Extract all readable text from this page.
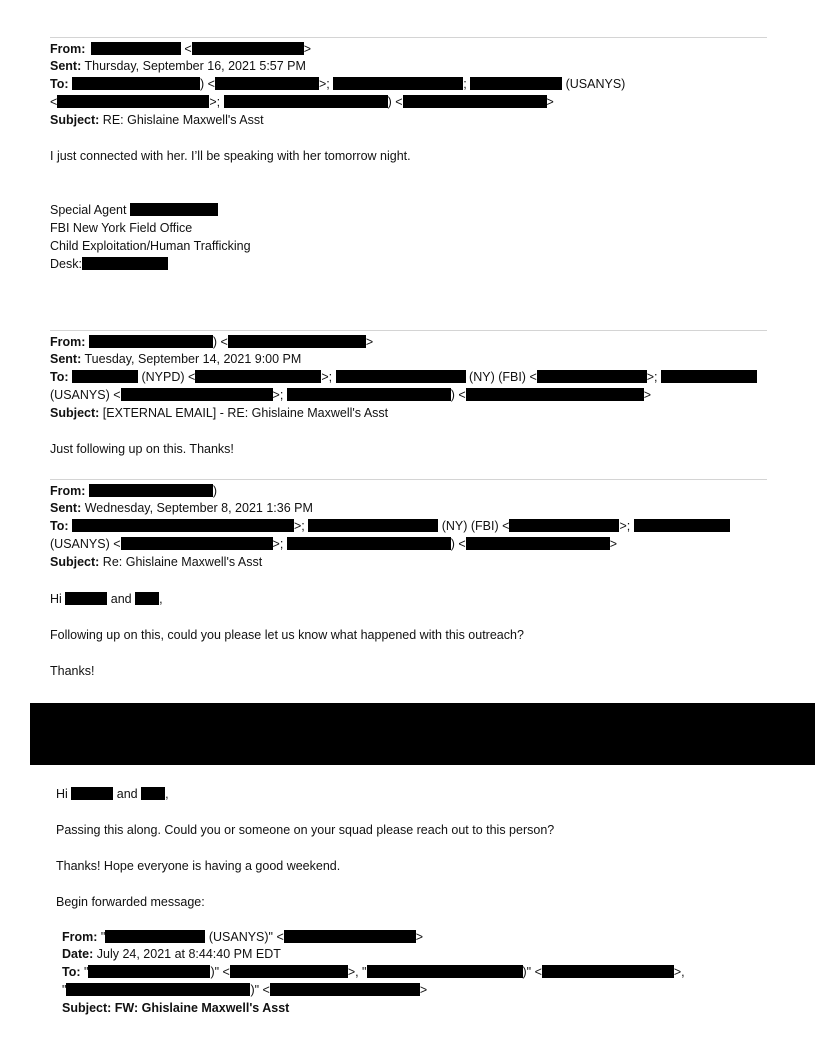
From:	<	>
Sent: Thursday, September 16, 2021 5:57 PM
To:	) <	>;	;	(USANYS)
<	>;	) <	>
Subject: RE: Ghislaine Maxwell's Asst
I just connected with her. I’ll be speaking with her tomorrow night.
Special Agent
FBI New York Field Office
Child Exploitation/Human Trafficking
Desk:
From:	) <	>
Sent: Tuesday, September 14, 2021 9:00 PM
To:	(NYPD) <	>;	(NY) (FBI) <	>;
(USANYS) <	>;	) <	>
Subject: [EXTERNAL EMAIL] - RE: Ghislaine Maxwell's Asst
Just following up on this. Thanks!
From:	)
Sent: Wednesday, September 8, 2021 1:36 PM
To:	>;	(NY) (FBI) <	>;
(USANYS) <	>;	) <	>
Subject: Re: Ghislaine Maxwell's Asst
Hi	and ,
Following up on this, could you please let us know what happened with this outreach?
Thanks!
Hi	and ,
Passing this along. Could you or someone on your squad please reach out to this person?
Thanks! Hope everyone is having a good weekend.
Begin forwarded message:
From: "	(USANYS)" <	>
Date: July 24, 2021 at 8:44:40 PM EDT
To: "	)" <	>, "	)" <	>,
"	)" <	>
Subject: FW: Ghislaine Maxwell's Asst
